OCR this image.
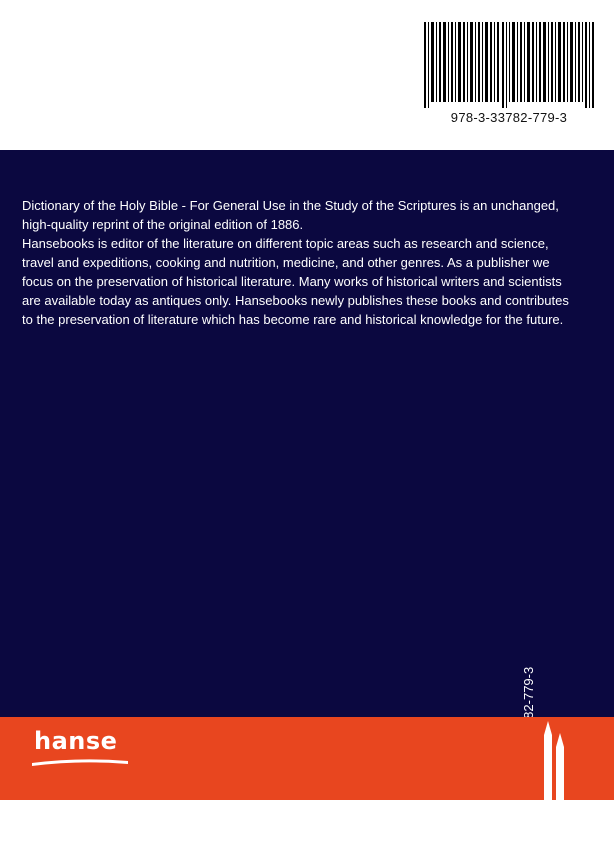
978-3-33782-779-3

Dictionary of the Holy Bible - For General Use in the Study of the Scriptures is an unchanged, high-quality reprint of the original edition of 1886.

Hansebooks is editor of the literature on different topic areas such as research and science, travel and expeditions, cooking and nutrition, medicine, and other genres. As a publisher we focus on the preservation of historical literature. Many works of historical writers and scientists are available today as antiques only. Hansebooks newly publishes these books and contributes to the preservation of literature which has become rare and historical knowledge for the future.

hanse
